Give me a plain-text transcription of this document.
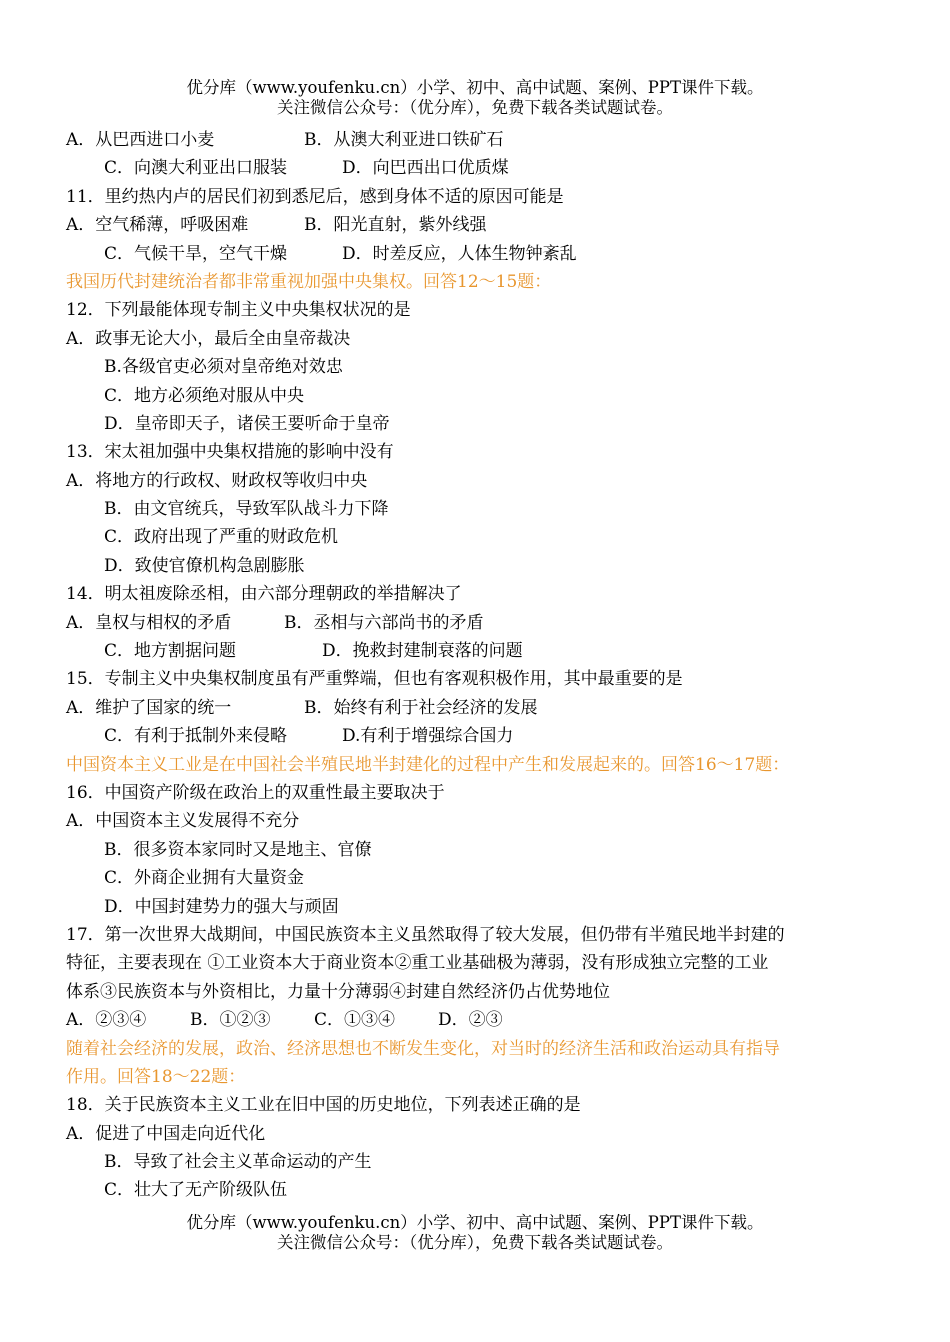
优分库（www.youfenku.cn）小学、初中、高中试题、案例、PPT课件下载。
关注微信公众号：（优分库），免费下载各类试题试卷。
A．从巴西进口小麦	B．从澳大利亚进口铁矿石
C．向澳大利亚出口服装	D．向巴西出口优质煤
11．里约热内卢的居民们初到悉尼后，感到身体不适的原因可能是
A．空气稀薄，呼吸困难	B．阳光直射，紫外线强
C．气候干旱，空气干燥	D．时差反应，人体生物钟紊乱
我国历代封建统治者都非常重视加强中央集权。回答12～15题：
12．下列最能体现专制主义中央集权状况的是
A．政事无论大小，最后全由皇帝裁决
B.各级官吏必须对皇帝绝对效忠
C．地方必须绝对服从中央
D．皇帝即天子，诸侯王要听命于皇帝
13．宋太祖加强中央集权措施的影响中没有
A．将地方的行政权、财政权等收归中央
B．由文官统兵，导致军队战斗力下降
C．政府出现了严重的财政危机
D．致使官僚机构急剧膨胀
14．明太祖废除丞相，由六部分理朝政的举措解决了
A．皇权与相权的矛盾	B．丞相与六部尚书的矛盾
C．地方割据问题	D．挽救封建制衰落的问题
15．专制主义中央集权制度虽有严重弊端，但也有客观积极作用，其中最重要的是
A．维护了国家的统一	B．始终有利于社会经济的发展
C．有利于抵制外来侵略	D.有利于增强综合国力
中国资本主义工业是在中国社会半殖民地半封建化的过程中产生和发展起来的。回答16～17题：
16．中国资产阶级在政治上的双重性最主要取决于
A．中国资本主义发展得不充分
B．很多资本家同时又是地主、官僚
C．外商企业拥有大量资金
D．中国封建势力的强大与顽固
17．第一次世界大战期间，中国民族资本主义虽然取得了较大发展，但仍带有半殖民地半封建的
特征，主要表现在 ①工业资本大于商业资本②重工业基础极为薄弱，没有形成独立完整的工业
体系③民族资本与外资相比，力量十分薄弱④封建自然经济仍占优势地位
A．②③④	B．①②③	C．①③④	D．②③
随着社会经济的发展，政治、经济思想也不断发生变化，对当时的经济生活和政治运动具有指导
作用。回答18～22题：
18．关于民族资本主义工业在旧中国的历史地位，下列表述正确的是
A．促进了中国走向近代化
B．导致了社会主义革命运动的产生
C．壮大了无产阶级队伍
优分库（www.youfenku.cn）小学、初中、高中试题、案例、PPT课件下载。
关注微信公众号：（优分库），免费下载各类试题试卷。
